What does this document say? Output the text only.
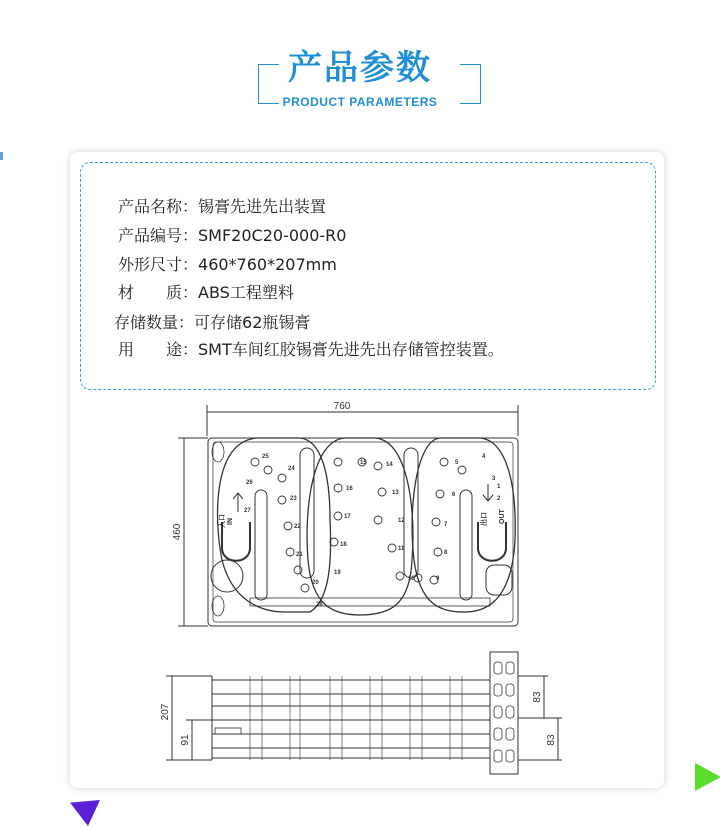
产品参数
PRODUCT PARAMETERS
产品名称：锡膏先进先出装置
产品编号：SMF20C20-000-R0
外形尺寸：460*760*207mm
材　　质：ABS工程塑料
存储数量：可存储62瓶锡膏
用　　途：SMT车间红胶锡膏先进先出存储管控装置。
760
460
207
91
83
83
IN
入口	OUT
出口
1
2
3
4
5
6
7
8
9
10
11
12
13
14
15
16
17
18
19
20
21
22
23
24
25
26
27
28
